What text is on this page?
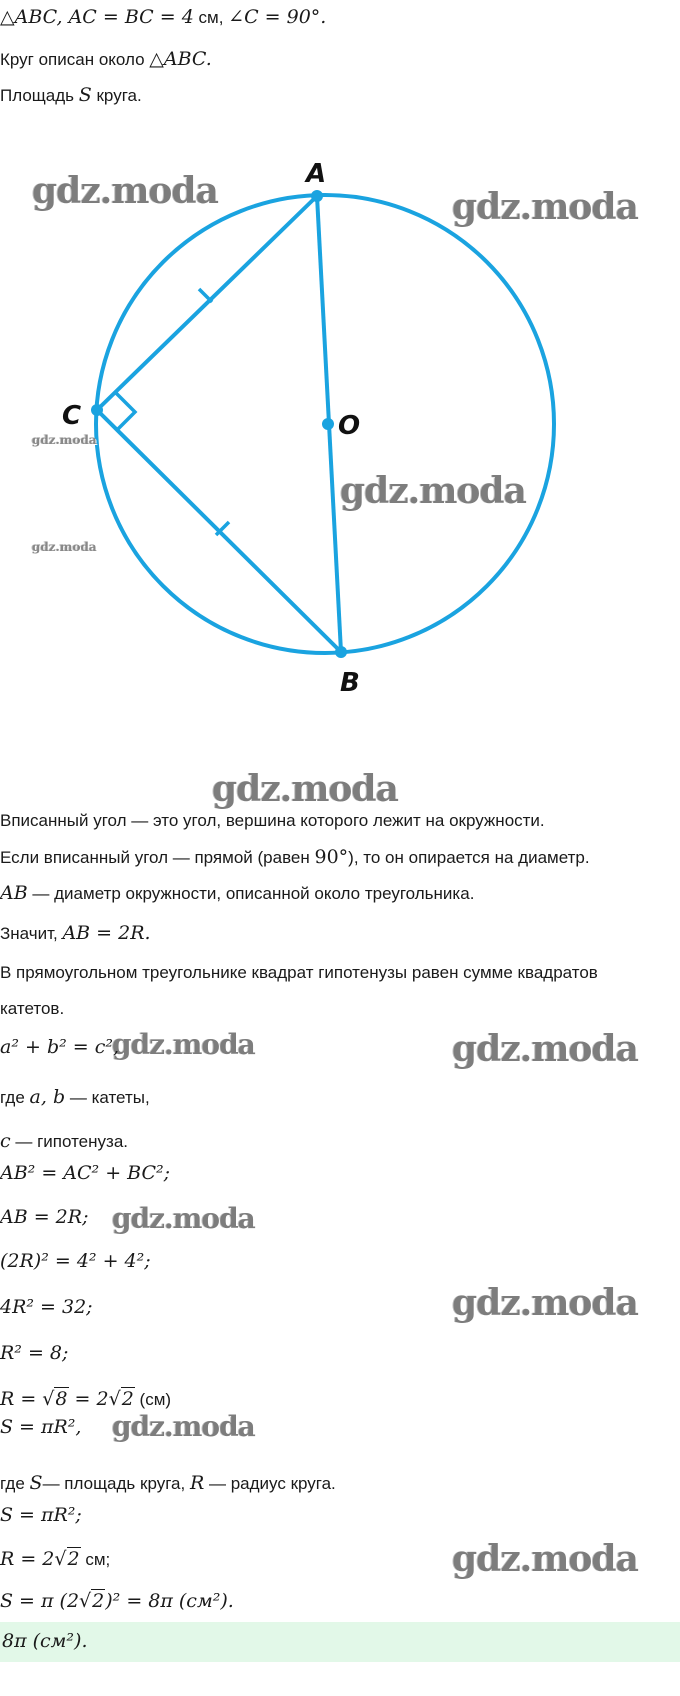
△ABC, AC = BC = 4 см, ∠C = 90°.
Круг описан около △ABC.
Площадь S круга.
A
B
C	O
gdz.moda	gdz.moda
gdz.moda
gdz.moda
gdz.moda
gdz.moda
gdz.moda	gdz.moda
gdz.moda
gdz.moda
gdz.moda
gdz.moda
Вписанный угол — это угол, вершина которого лежит на окружности.
Если вписанный угол — прямой (равен 90°), то он опирается на диаметр.
AB — диаметр окружности, описанной около треугольника.
Значит, AB = 2R.
В прямоугольном треугольнике квадрат гипотенузы равен сумме квадратов
катетов.
a² + b² = c²,
где a, b — катеты,
c — гипотенуза.
AB² = AC² + BC²;
AB = 2R;
(2R)² = 4² + 4²;
4R² = 32;
R² = 8;
R = √8 = 2√2 (см)
S = πR²,
где S— площадь круга, R — радиус круга.
S = πR²;
R = 2√2 см;
S = π (2√2)² = 8π (см²).
8π (см²).
